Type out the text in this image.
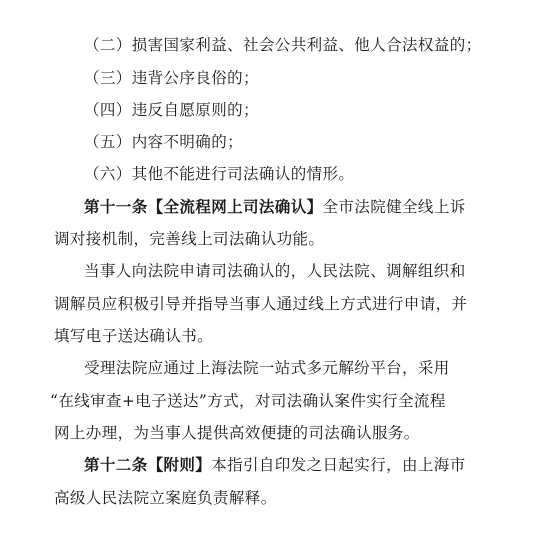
（二）损害国家利益、社会公共利益、他人合法权益的；
（三）违背公序良俗的；
（四）违反自愿原则的；
（五）内容不明确的；
（六）其他不能进行司法确认的情形。
第十一条【全流程网上司法确认】全市法院健全线上诉
调对接机制，完善线上司法确认功能。
当事人向法院申请司法确认的，人民法院、调解组织和
调解员应积极引导并指导当事人通过线上方式进行申请，并
填写电子送达确认书。
受理法院应通过上海法院一站式多元解纷平台，采用
“在线审查+电子送达”方式，对司法确认案件实行全流程
网上办理，为当事人提供高效便捷的司法确认服务。
第十二条【附则】本指引自印发之日起实行，由上海市
高级人民法院立案庭负责解释。
